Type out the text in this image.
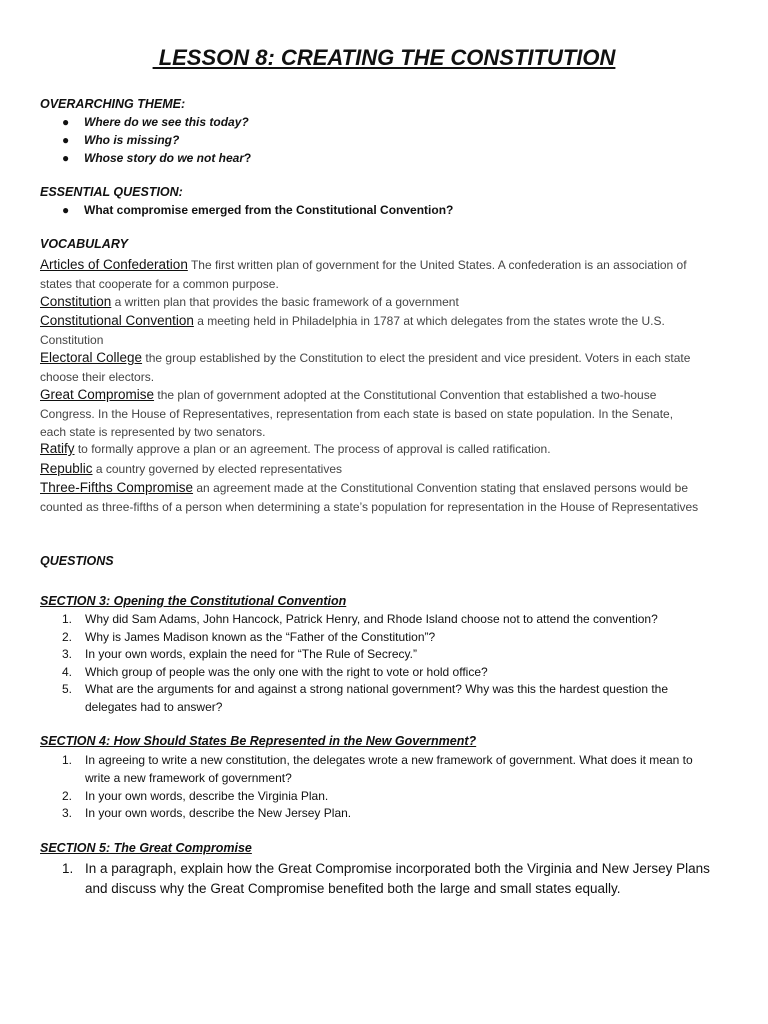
LESSON 8: CREATING THE CONSTITUTION
OVERARCHING THEME:
● Where do we see this today?
● Who is missing?
● Whose story do we not hear?
ESSENTIAL QUESTION:
● What compromise emerged from the Constitutional Convention?
VOCABULARY
Articles of Confederation The first written plan of government for the United States. A confederation is an association of states that cooperate for a common purpose.
Constitution a written plan that provides the basic framework of a government
Constitutional Convention a meeting held in Philadelphia in 1787 at which delegates from the states wrote the U.S. Constitution
Electoral College the group established by the Constitution to elect the president and vice president. Voters in each state choose their electors.
Great Compromise the plan of government adopted at the Constitutional Convention that established a two-house Congress. In the House of Representatives, representation from each state is based on state population. In the Senate, each state is represented by two senators.
Ratify to formally approve a plan or an agreement. The process of approval is called ratification.
Republic a country governed by elected representatives
Three-Fifths Compromise an agreement made at the Constitutional Convention stating that enslaved persons would be counted as three-fifths of a person when determining a state’s population for representation in the House of Representatives
QUESTIONS
SECTION 3: Opening the Constitutional Convention
1.	Why did Sam Adams, John Hancock, Patrick Henry, and Rhode Island choose not to attend the convention?
2.	Why is James Madison known as the “Father of the Constitution”?
3.	In your own words, explain the need for “The Rule of Secrecy.”
4.	Which group of people was the only one with the right to vote or hold office?
5.	What are the arguments for and against a strong national government? Why was this the hardest question the delegates had to answer?
SECTION 4: How Should States Be Represented in the New Government?
1.	In agreeing to write a new constitution, the delegates wrote a new framework of government. What does it mean to write a new framework of government?
2.	In your own words, describe the Virginia Plan.
3.	In your own words, describe the New Jersey Plan.
SECTION 5: The Great Compromise
1. In a paragraph, explain how the Great Compromise incorporated both the Virginia and New Jersey Plans and discuss why the Great Compromise benefited both the large and small states equally.
